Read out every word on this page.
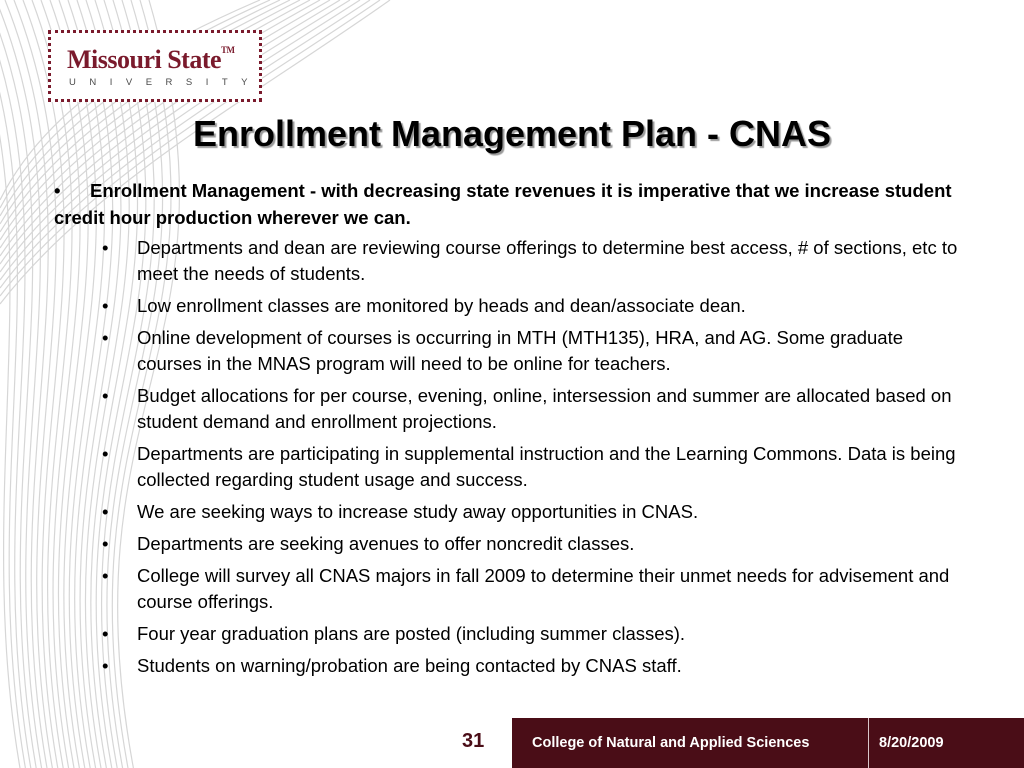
Missouri State™
UNIVERSITY
Enrollment Management Plan - CNAS

• Enrollment Management - with decreasing state revenues it is imperative that we increase student credit hour production wherever we can.

• Departments and dean are reviewing course offerings to determine best access, # of sections, etc to meet the needs of students.
• Low enrollment classes are monitored by heads and dean/associate dean.
• Online development of courses is occurring in MTH (MTH135), HRA, and AG. Some graduate courses in the MNAS program will need to be online for teachers.
• Budget allocations for per course, evening, online, intersession and summer are allocated based on student demand and enrollment projections.
• Departments are participating in supplemental instruction and the Learning Commons. Data is being collected regarding student usage and success.
• We are seeking ways to increase study away opportunities in CNAS.
• Departments are seeking avenues to offer noncredit classes.
• College will survey all CNAS majors in fall 2009 to determine their unmet needs for advisement and course offerings.
• Four year graduation plans are posted (including summer classes).
• Students on warning/probation are being contacted by CNAS staff.
31	College of Natural and Applied Sciences	8/20/2009
